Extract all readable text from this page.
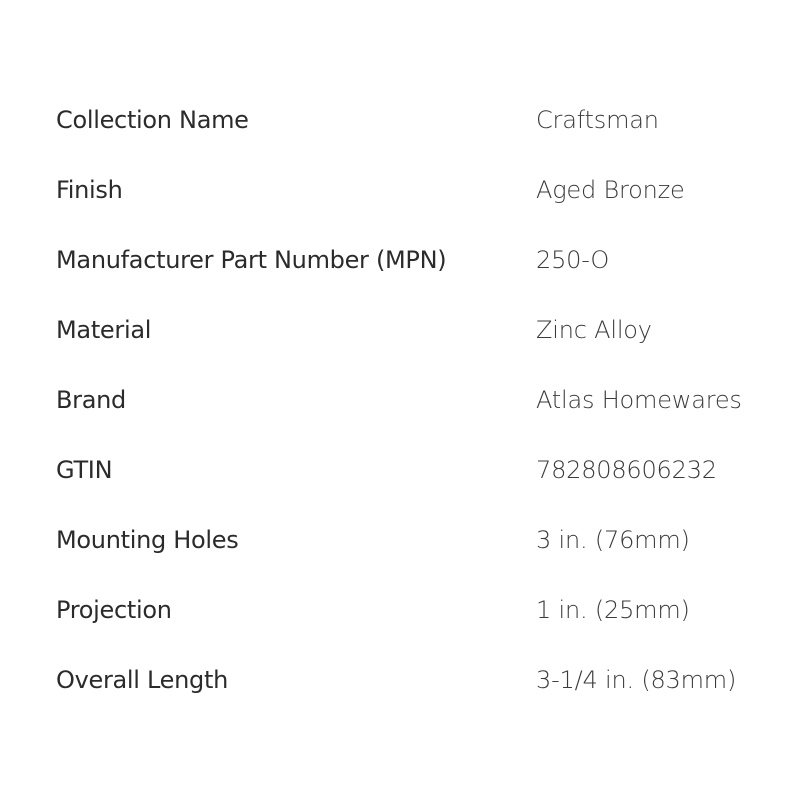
Collection Name	Craftsman
Finish	Aged Bronze
Manufacturer Part Number (MPN)	250-O
Material	Zinc Alloy
Brand	Atlas Homewares
GTIN	782808606232
Mounting Holes	3 in. (76mm)
Projection	1 in. (25mm)
Overall Length	3-1/4 in. (83mm)
